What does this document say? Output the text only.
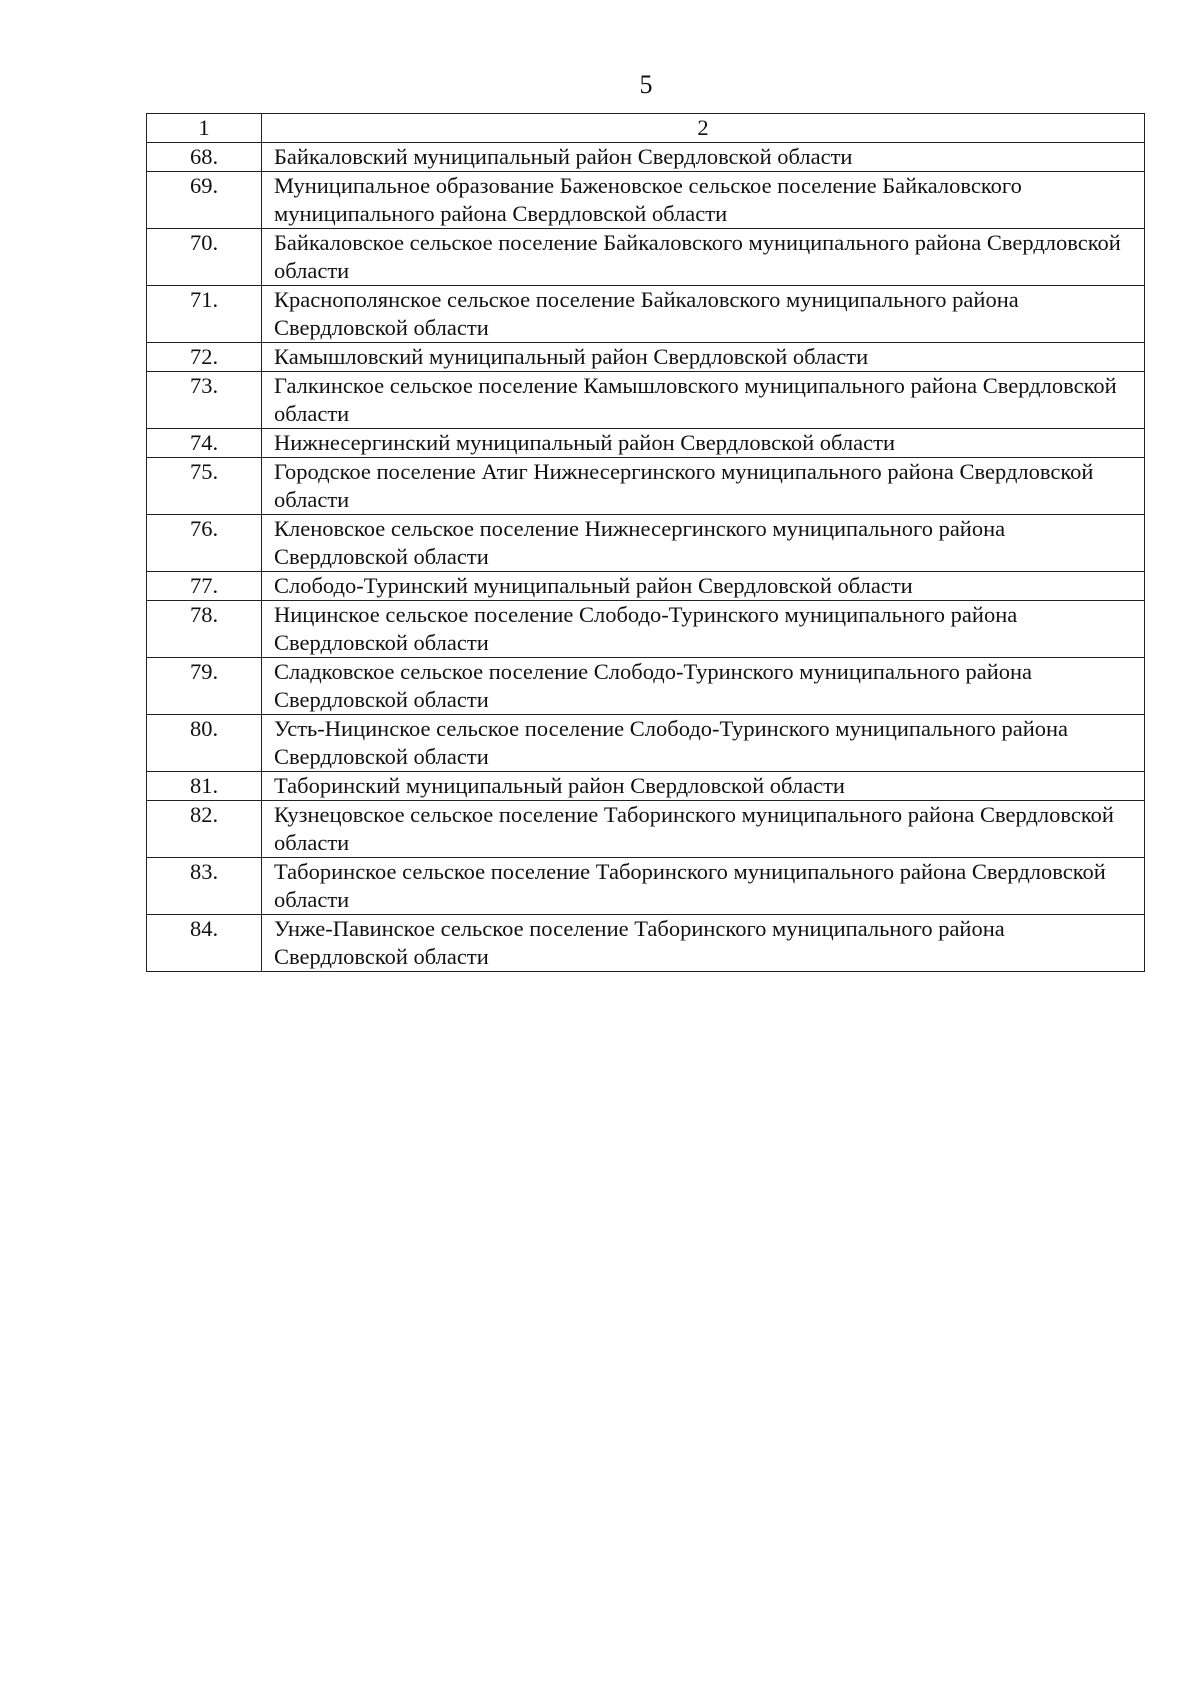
5
1	2
68.	Байкаловский муниципальный район Свердловской области
69.	Муниципальное образование Баженовское сельское поселение Байкаловского муниципального района Свердловской области
70.	Байкаловское сельское поселение Байкаловского муниципального района Свердловской области
71.	Краснополянское сельское поселение Байкаловского муниципального района Свердловской области
72.	Камышловский муниципальный район Свердловской области
73.	Галкинское сельское поселение Камышловского муниципального района Свердловской области
74.	Нижнесергинский муниципальный район Свердловской области
75.	Городское поселение Атиг Нижнесергинского муниципального района Свердловской области
76.	Кленовское сельское поселение Нижнесергинского муниципального района Свердловской области
77.	Слободо-Туринский муниципальный район Свердловской области
78.	Ницинское сельское поселение Слободо-Туринского муниципального района Свердловской области
79.	Сладковское сельское поселение Слободо-Туринского муниципального района Свердловской области
80.	Усть-Ницинское сельское поселение Слободо-Туринского муниципального района Свердловской области
81.	Таборинский муниципальный район Свердловской области
82.	Кузнецовское сельское поселение Таборинского муниципального района Свердловской области
83.	Таборинское сельское поселение Таборинского муниципального района Свердловской области
84.	Унже-Павинское сельское поселение Таборинского муниципального района Свердловской области
